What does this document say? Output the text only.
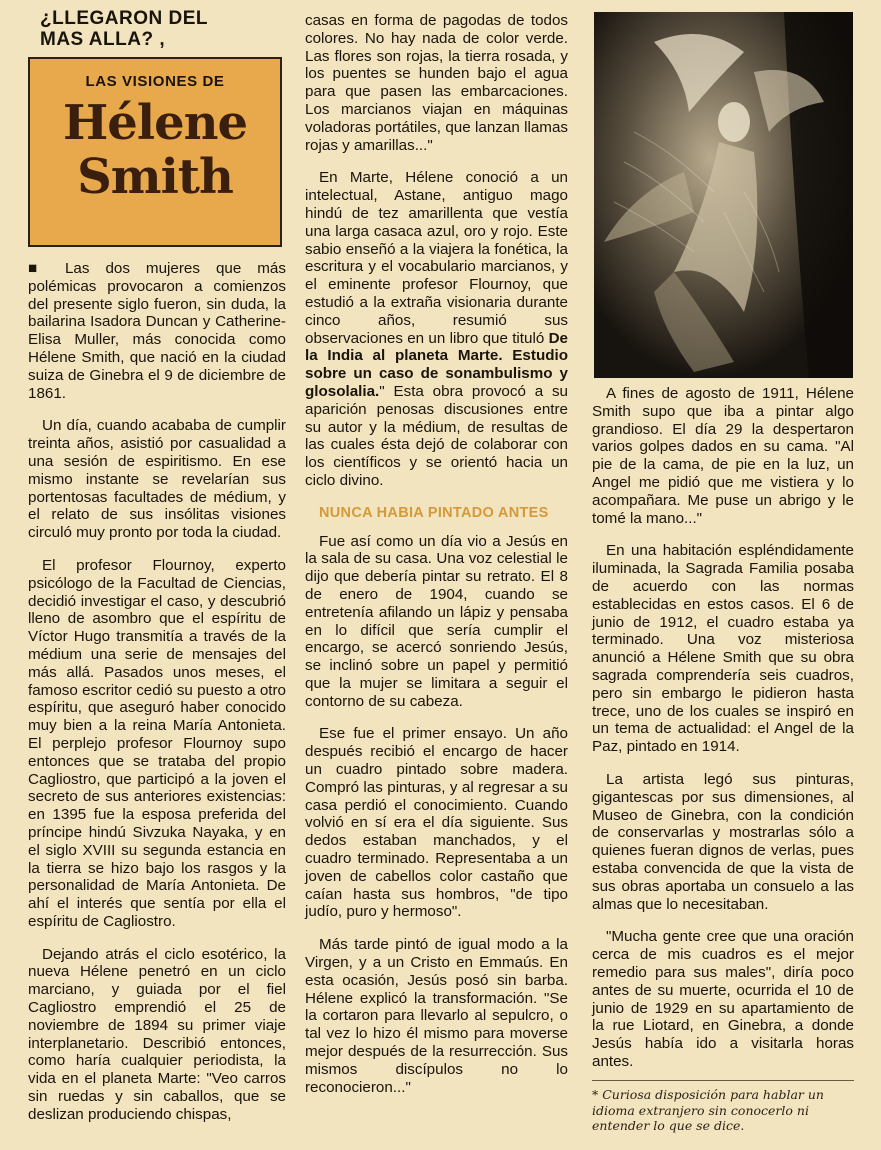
¿LLEGARON DEL
MAS ALLA? ,
LAS VISIONES DE
Hélene
Smith

■ Las dos mujeres que más polémicas provocaron a comienzos del presente siglo fueron, sin duda, la bailarina Isadora Duncan y Catherine-Elisa Muller, más conocida como Hélene Smith, que nació en la ciudad suiza de Ginebra el 9 de diciembre de 1861.

Un día, cuando acababa de cumplir treinta años, asistió por casualidad a una sesión de espiritismo. En ese mismo instante se revelarían sus portentosas facultades de médium, y el relato de sus insólitas visiones circuló muy pronto por toda la ciudad.

El profesor Flournoy, experto psicólogo de la Facultad de Ciencias, decidió investigar el caso, y descubrió lleno de asombro que el espíritu de Víctor Hugo transmitía a través de la médium una serie de mensajes del más allá. Pasados unos meses, el famoso escritor cedió su puesto a otro espíritu, que aseguró haber conocido muy bien a la reina María Antonieta. El perplejo profesor Flournoy supo entonces que se trataba del propio Cagliostro, que participó a la joven el secreto de sus anteriores existencias: en 1395 fue la esposa preferida del príncipe hindú Sivzuka Nayaka, y en el siglo XVIII su segunda estancia en la tierra se hizo bajo los rasgos y la personalidad de María Antonieta. De ahí el interés que sentía por ella el espíritu de Cagliostro.

Dejando atrás el ciclo esotérico, la nueva Hélene penetró en un ciclo marciano, y guiada por el fiel Cagliostro emprendió el 25 de noviembre de 1894 su primer viaje interplanetario. Describió entonces, como haría cualquier periodista, la vida en el planeta Marte: "Veo carros sin ruedas y sin caballos, que se deslizan produciendo chispas,

casas en forma de pagodas de todos colores. No hay nada de color verde. Las flores son rojas, la tierra rosada, y los puentes se hunden bajo el agua para que pasen las embarcaciones. Los marcianos viajan en máquinas voladoras portátiles, que lanzan llamas rojas y amarillas..."

En Marte, Hélene conoció a un intelectual, Astane, antiguo mago hindú de tez amarillenta que vestía una larga casaca azul, oro y rojo. Este sabio enseñó a la viajera la fonética, la escritura y el vocabulario marcianos, y el eminente profesor Flournoy, que estudió a la extraña visionaria durante cinco años, resumió sus observaciones en un libro que tituló De la India al planeta Marte. Estudio sobre un caso de sonambulismo y glosolalia." Esta obra provocó a su aparición penosas discusiones entre su autor y la médium, de resultas de las cuales ésta dejó de colaborar con los científicos y se orientó hacia un ciclo divino.

NUNCA HABIA PINTADO ANTES

Fue así como un día vio a Jesús en la sala de su casa. Una voz celestial le dijo que debería pintar su retrato. El 8 de enero de 1904, cuando se entretenía afilando un lápiz y pensaba en lo difícil que sería cumplir el encargo, se acercó sonriendo Jesús, se inclinó sobre un papel y permitió que la mujer se limitara a seguir el contorno de su cabeza.

Ese fue el primer ensayo. Un año después recibió el encargo de hacer un cuadro pintado sobre madera. Compró las pinturas, y al regresar a su casa perdió el conocimiento. Cuando volvió en sí era el día siguiente. Sus dedos estaban manchados, y el cuadro terminado. Representaba a un joven de cabellos color castaño que caían hasta sus hombros, "de tipo judío, puro y hermoso".

Más tarde pintó de igual modo a la Virgen, y a un Cristo en Emmaús. En esta ocasión, Jesús posó sin barba. Hélene explicó la transformación. "Se la cortaron para llevarlo al sepulcro, o tal vez lo hizo él mismo para moverse mejor después de la resurrección. Sus mismos discípulos no lo reconocieron..."

A fines de agosto de 1911, Hélene Smith supo que iba a pintar algo grandioso. El día 29 la despertaron varios golpes dados en su cama. "Al pie de la cama, de pie en la luz, un Angel me pidió que me vistiera y lo acompañara. Me puse un abrigo y le tomé la mano..."

En una habitación espléndidamente iluminada, la Sagrada Familia posaba de acuerdo con las normas establecidas en estos casos. El 6 de junio de 1912, el cuadro estaba ya terminado. Una voz misteriosa anunció a Hélene Smith que su obra sagrada comprendería seis cuadros, pero sin embargo le pidieron hasta trece, uno de los cuales se inspiró en un tema de actualidad: el Angel de la Paz, pintado en 1914.

La artista legó sus pinturas, gigantescas por sus dimensiones, al Museo de Ginebra, con la condición de conservarlas y mostrarlas sólo a quienes fueran dignos de verlas, pues estaba convencida de que la vista de sus obras aportaba un consuelo a las almas que lo necesitaban.

"Mucha gente cree que una oración cerca de mis cuadros es el mejor remedio para sus males", diría poco antes de su muerte, ocurrida el 10 de junio de 1929 en su apartamiento de la rue Liotard, en Ginebra, a donde Jesús había ido a visitarla horas antes.

* Curiosa disposición para hablar un idioma extranjero sin conocerlo ni entender lo que se dice.
